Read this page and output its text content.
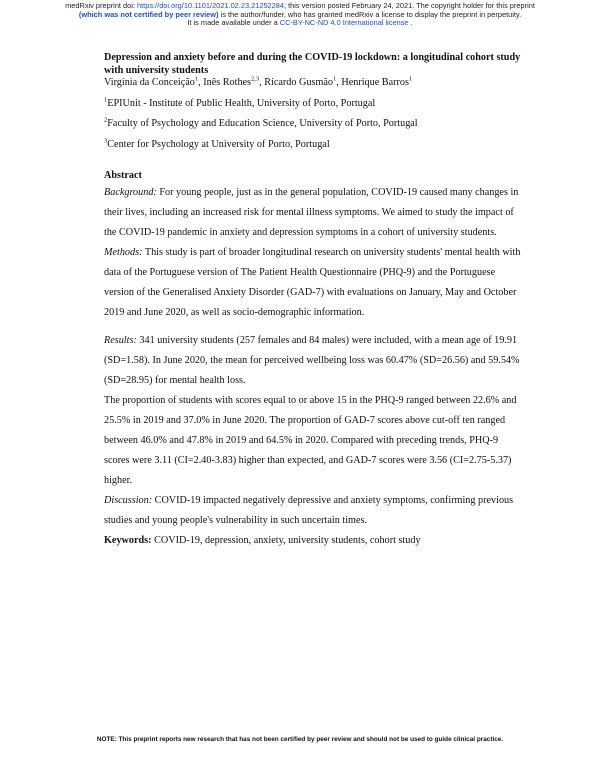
medRxiv preprint doi: https://doi.org/10.1101/2021.02.23.21252284; this version posted February 24, 2021. The copyright holder for this preprint
(which was not certified by peer review) is the author/funder, who has granted medRxiv a license to display the preprint in perpetuity.
It is made available under a CC-BY-NC-ND 4.0 International license .

Depression and anxiety before and during the COVID-19 lockdown: a longitudinal cohort study with university students

Virgínia da Conceição$^1$, Inês Rothes$^{2,3}$, Ricardo Gusmão$^1$, Henrique Barros$^1$

$^1$EPIUnit - Institute of Public Health, University of Porto, Portugal

$^2$Faculty of Psychology and Education Science, University of Porto, Portugal

$^3$Center for Psychology at University of Porto, Portugal

Abstract

Background: For young people, just as in the general population, COVID-19 caused many changes in their lives, including an increased risk for mental illness symptoms. We aimed to study the impact of the COVID-19 pandemic in anxiety and depression symptoms in a cohort of university students.

Methods: This study is part of broader longitudinal research on university students' mental health with data of the Portuguese version of The Patient Health Questionnaire (PHQ-9) and the Portuguese version of the Generalised Anxiety Disorder (GAD-7) with evaluations on January, May and October 2019 and June 2020, as well as socio-demographic information.

Results: 341 university students (257 females and 84 males) were included, with a mean age of 19.91 (SD=1.58). In June 2020, the mean for perceived wellbeing loss was 60.47% (SD=26.56) and 59.54% (SD=28.95) for mental health loss.

The proportion of students with scores equal to or above 15 in the PHQ-9 ranged between 22.6% and 25.5% in 2019 and 37.0% in June 2020. The proportion of GAD-7 scores above cut-off ten ranged between 46.0% and 47.8% in 2019 and 64.5% in 2020. Compared with preceding trends, PHQ-9 scores were 3.11 (CI=2.40-3.83) higher than expected, and GAD-7 scores were 3.56 (CI=2.75-5.37) higher.

Discussion: COVID-19 impacted negatively depressive and anxiety symptoms, confirming previous studies and young people's vulnerability in such uncertain times.

Keywords: COVID-19, depression, anxiety, university students, cohort study

NOTE: This preprint reports new research that has not been certified by peer review and should not be used to guide clinical practice.
